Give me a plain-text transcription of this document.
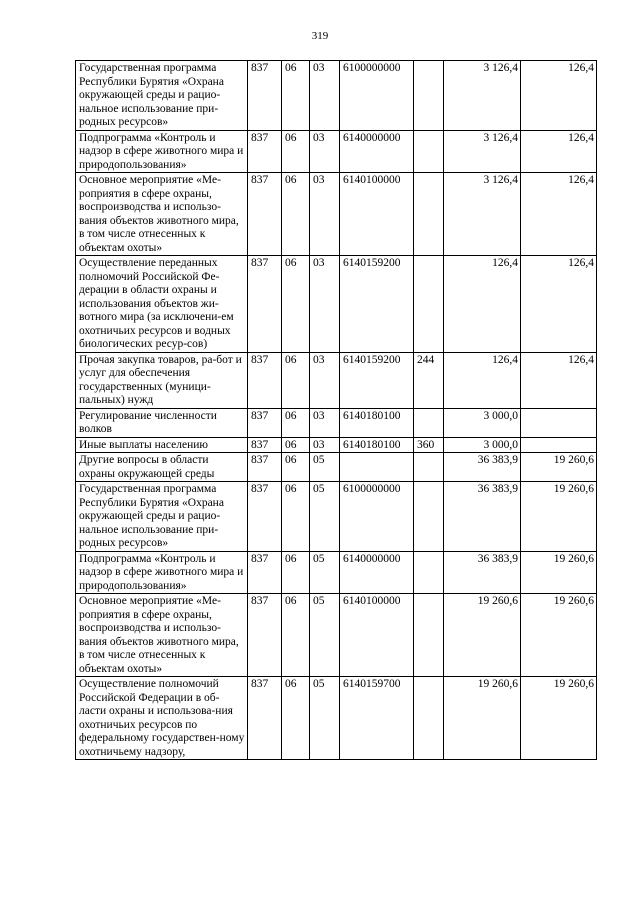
319
Государственная программа Республики Бурятия «Охрана окружающей среды и рацио-нальное использование при-родных ресурсов»	837	06	03	6100000000		3 126,4	126,4
Подпрограмма «Контроль и надзор в сфере животного мира и природопользования»	837	06	03	6140000000		3 126,4	126,4
Основное мероприятие «Ме-роприятия в сфере охраны, воспроизводства и использо-вания объектов животного мира, в том числе отнесенных к объектам охоты»	837	06	03	6140100000		3 126,4	126,4
Осуществление переданных полномочий Российской Фе-дерации в области охраны и использования объектов жи-вотного мира (за исключени-ем охотничьих ресурсов и водных биологических ресур-сов)	837	06	03	6140159200		126,4	126,4
Прочая закупка товаров, ра-бот и услуг для обеспечения государственных (муници-пальных) нужд	837	06	03	6140159200	244	126,4	126,4
Регулирование численности волков	837	06	03	6140180100		3 000,0	
Иные выплаты населению	837	06	03	6140180100	360	3 000,0	
Другие вопросы в области охраны окружающей среды	837	06	05			36 383,9	19 260,6
Государственная программа Республики Бурятия «Охрана окружающей среды и рацио-нальное использование при-родных ресурсов»	837	06	05	6100000000		36 383,9	19 260,6
Подпрограмма «Контроль и надзор в сфере животного мира и природопользования»	837	06	05	6140000000		36 383,9	19 260,6
Основное мероприятие «Ме-роприятия в сфере охраны, воспроизводства и использо-вания объектов животного мира, в том числе отнесенных к объектам охоты»	837	06	05	6140100000		19 260,6	19 260,6
Осуществление полномочий Российской Федерации в об-ласти охраны и использова-ния охотничьих ресурсов по федеральному государствен-ному охотничьему надзору,	837	06	05	6140159700		19 260,6	19 260,6
